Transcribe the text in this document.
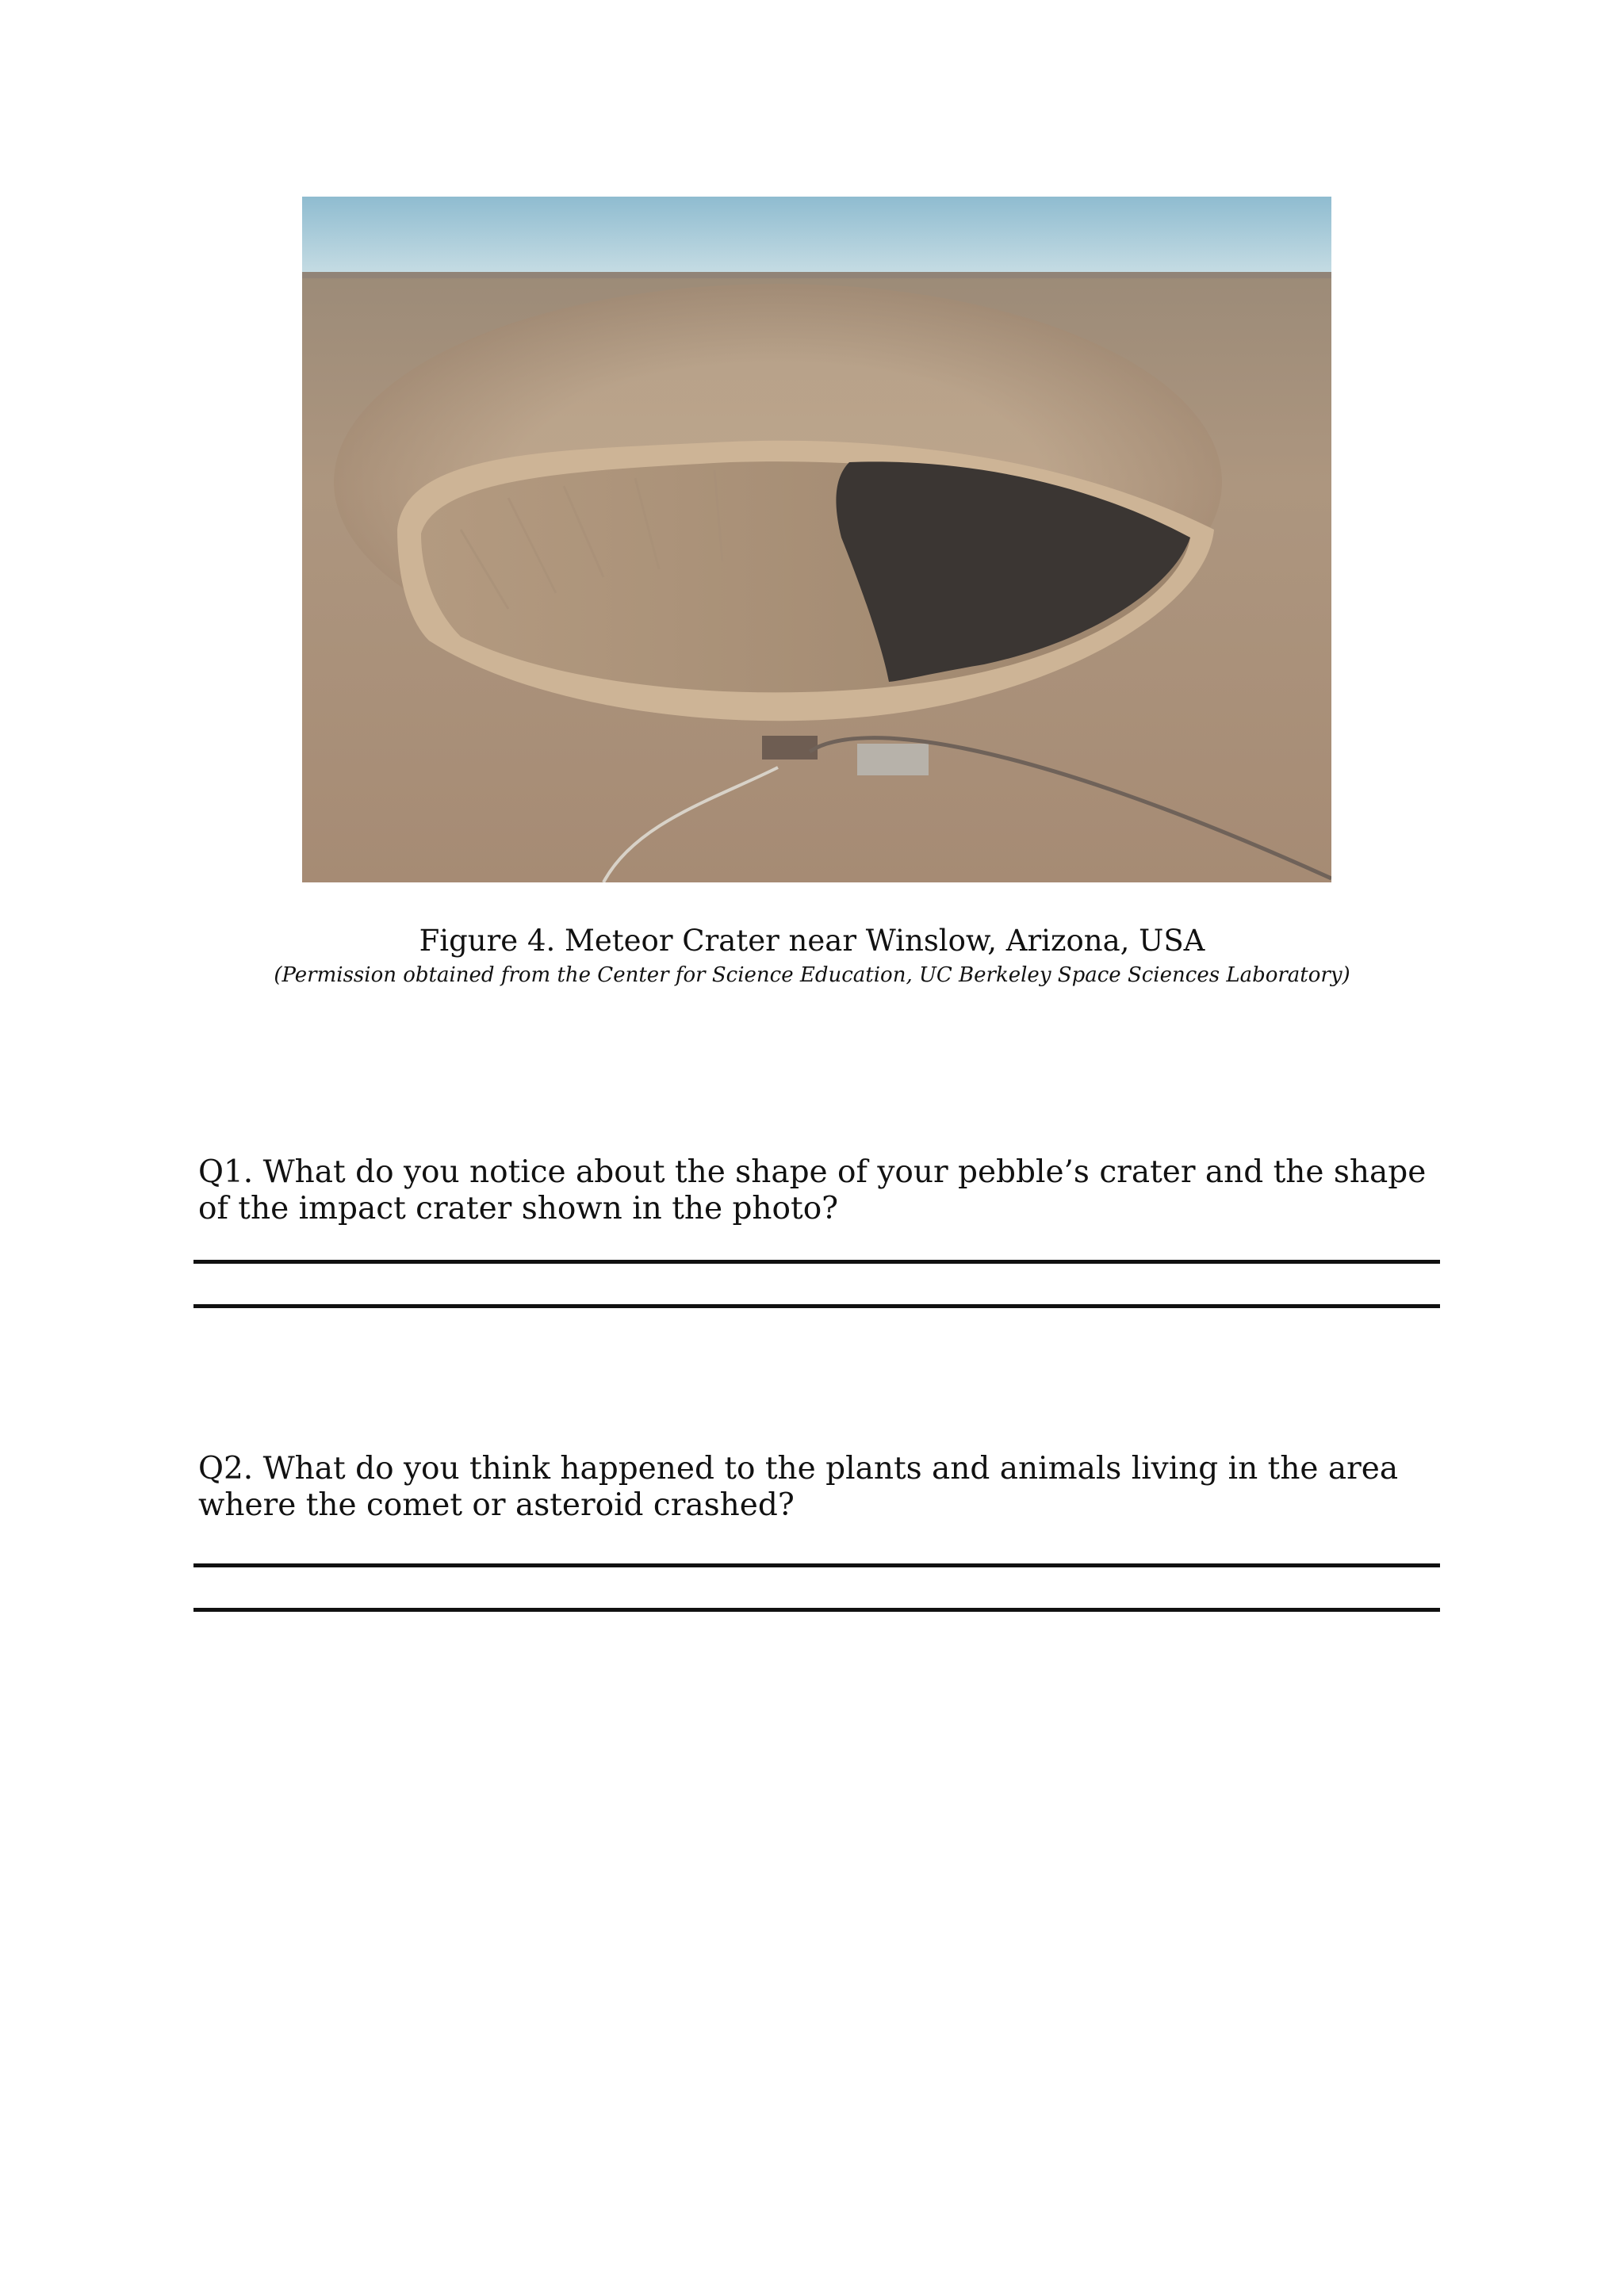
Figure 4. Meteor Crater near Winslow, Arizona, USA
(Permission obtained from the Center for Science Education, UC Berkeley Space Sciences Laboratory)
Q1. What do you notice about the shape of your pebble’s crater and the shape of the impact crater shown in the photo?
Q2. What do you think happened to the plants and animals living in the area where the comet or asteroid crashed?
